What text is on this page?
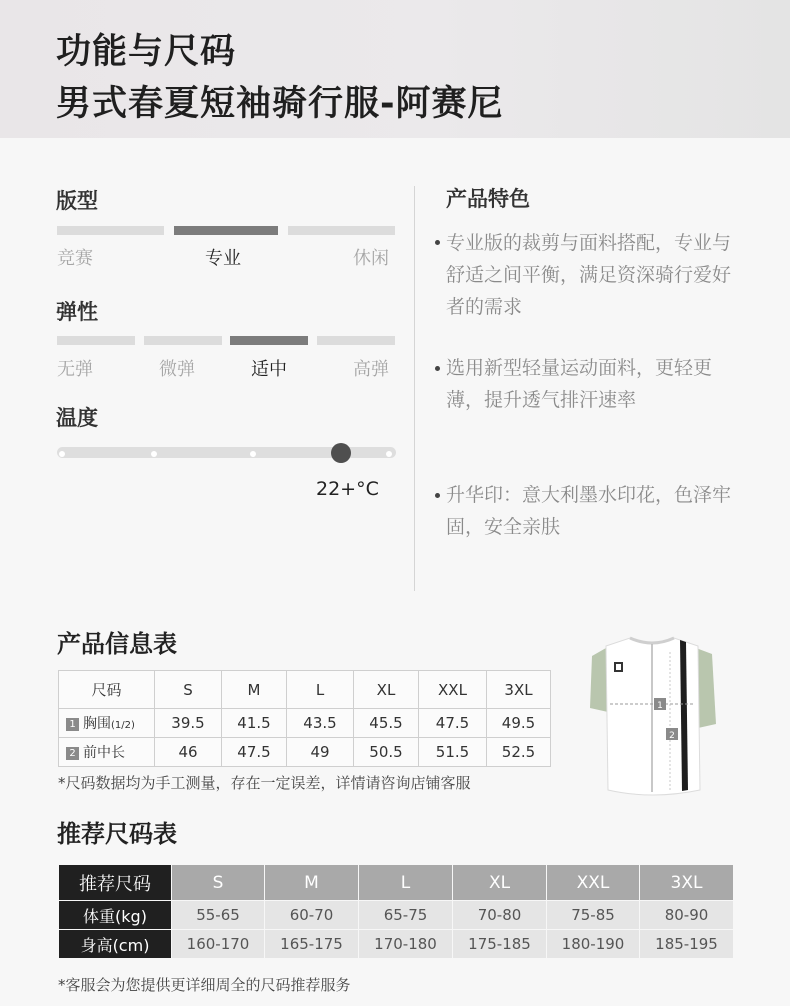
功能与尺码
男式春夏短袖骑行服-阿赛尼
版型
竞赛	专业	休闲
弹性
无弹	微弹	适中	高弹
温度
22+°C
产品特色
专业版的裁剪与面料搭配，专业与舒适之间平衡，满足资深骑行爱好者的需求
选用新型轻量运动面料，更轻更薄，提升透气排汗速率
升华印：意大利墨水印花，色泽牢固，安全亲肤
产品信息表
尺码	S	M	L	XL	XXL	3XL
1 胸围(1/2)	39.5	41.5	43.5	45.5	47.5	49.5
2 前中长	46	47.5	49	50.5	51.5	52.5
*尺码数据均为手工测量，存在一定误差，详情请咨询店铺客服
1
2
推荐尺码表
推荐尺码	S	M	L	XL	XXL	3XL
体重(kg)	55-65	60-70	65-75	70-80	75-85	80-90
身高(cm)	160-170	165-175	170-180	175-185	180-190	185-195
*客服会为您提供更详细周全的尺码推荐服务
